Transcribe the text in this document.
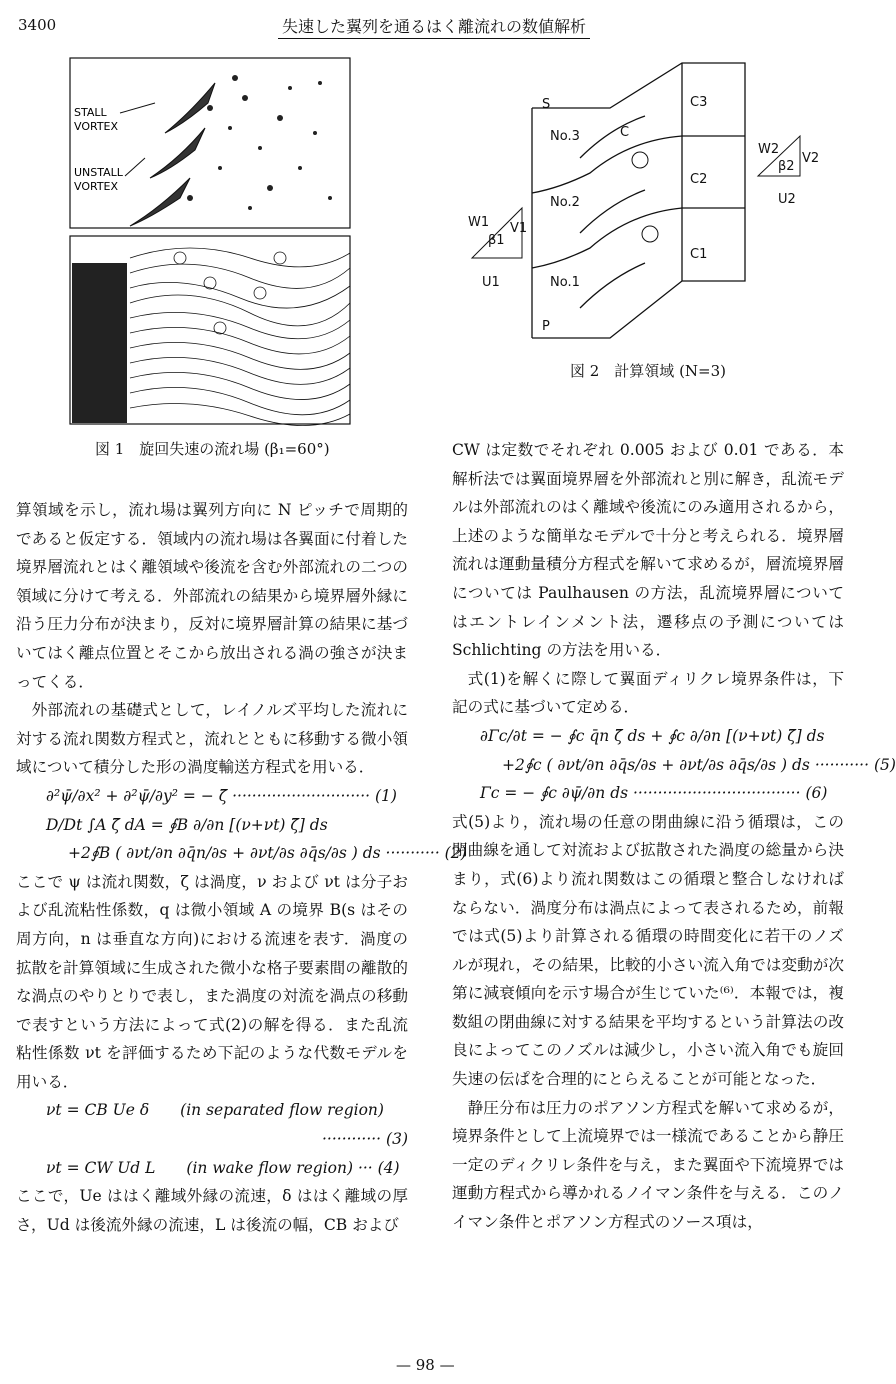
3400	失速した翼列を通るはく離流れの数値解析
STALL
VORTEX
UNSTALL
VORTEX
図 1　旋回失速の流れ場 (β₁=60°)
S
P
No.3
No.2
No.1
C3
C2
C1
C
W1 V1
β1
U1
W2
V2
β2
U2
図 2　計算領域 (N=3)

算領域を示し，流れ場は翼列方向に N ピッチで周期的であると仮定する．領域内の流れ場は各翼面に付着した境界層流れとはく離領域や後流を含む外部流れの二つの領域に分けて考える．外部流れの結果から境界層外縁に沿う圧力分布が決まり，反対に境界層計算の結果に基づいてはく離点位置とそこから放出される渦の強さが決まってくる．

外部流れの基礎式として，レイノルズ平均した流れに対する流れ関数方程式と，流れとともに移動する微小領域について積分した形の渦度輸送方程式を用いる．

∂²ψ̄/∂x² + ∂²ψ̄/∂y² = − ζ̄ ···························· (1)

D/Dt ∫A ζ̄ dA = ∮B ∂/∂n [(ν+νt) ζ̄] ds

+2∮B ( ∂νt/∂n ∂q̄n/∂s + ∂νt/∂s ∂q̄s/∂s ) ds ··········· (2)

ここで ψ は流れ関数，ζ は渦度，ν および νt は分子および乱流粘性係数，q は微小領域 A の境界 B(s はその周方向，n は垂直な方向)における流速を表す．渦度の拡散を計算領域に生成された微小な格子要素間の離散的な渦点のやりとりで表し，また渦度の対流を渦点の移動で表すという方法によって式(2)の解を得る．また乱流粘性係数 νt を評価するため下記のような代数モデルを用いる．

νt = CB Ue δ　　(in separated flow region)

············ (3)

νt = CW Ud L　　(in wake flow region) ··· (4)

ここで，Ue ははく離域外縁の流速，δ ははく離域の厚さ，Ud は後流外縁の流速，L は後流の幅，CB および

CW は定数でそれぞれ 0.005 および 0.01 である．本解析法では翼面境界層を外部流れと別に解き，乱流モデルは外部流れのはく離域や後流にのみ適用されるから，上述のような簡単なモデルで十分と考えられる．境界層流れは運動量積分方程式を解いて求めるが，層流境界層については Paulhausen の方法，乱流境界層についてはエントレインメント法，遷移点の予測については Schlichting の方法を用いる．

式(1)を解くに際して翼面ディリクレ境界条件は，下記の式に基づいて定める．

∂Γc/∂t = − ∮c q̄n ζ̄ ds + ∮c ∂/∂n [(ν+νt) ζ̄] ds

+2∮c ( ∂νt/∂n ∂q̄s/∂s + ∂νt/∂s ∂q̄s/∂s ) ds ··········· (5)

Γc = − ∮c ∂ψ̄/∂n ds ·································· (6)

式(5)より，流れ場の任意の閉曲線に沿う循環は，この閉曲線を通して対流および拡散された渦度の総量から決まり，式(6)より流れ関数はこの循環と整合しなければならない．渦度分布は渦点によって表されるため，前報では式(5)より計算される循環の時間変化に若干のノズルが現れ，その結果，比較的小さい流入角では変動が次第に減衰傾向を示す場合が生じていた⁽⁶⁾．本報では，複数組の閉曲線に対する結果を平均するという計算法の改良によってこのノズルは減少し，小さい流入角でも旋回失速の伝ぱを合理的にとらえることが可能となった．

静圧分布は圧力のポアソン方程式を解いて求めるが，境界条件として上流境界では一様流であることから静圧一定のディクリレ条件を与え，また翼面や下流境界では運動方程式から導かれるノイマン条件を与える．このノイマン条件とポアソン方程式のソース項は，

— 98 —
